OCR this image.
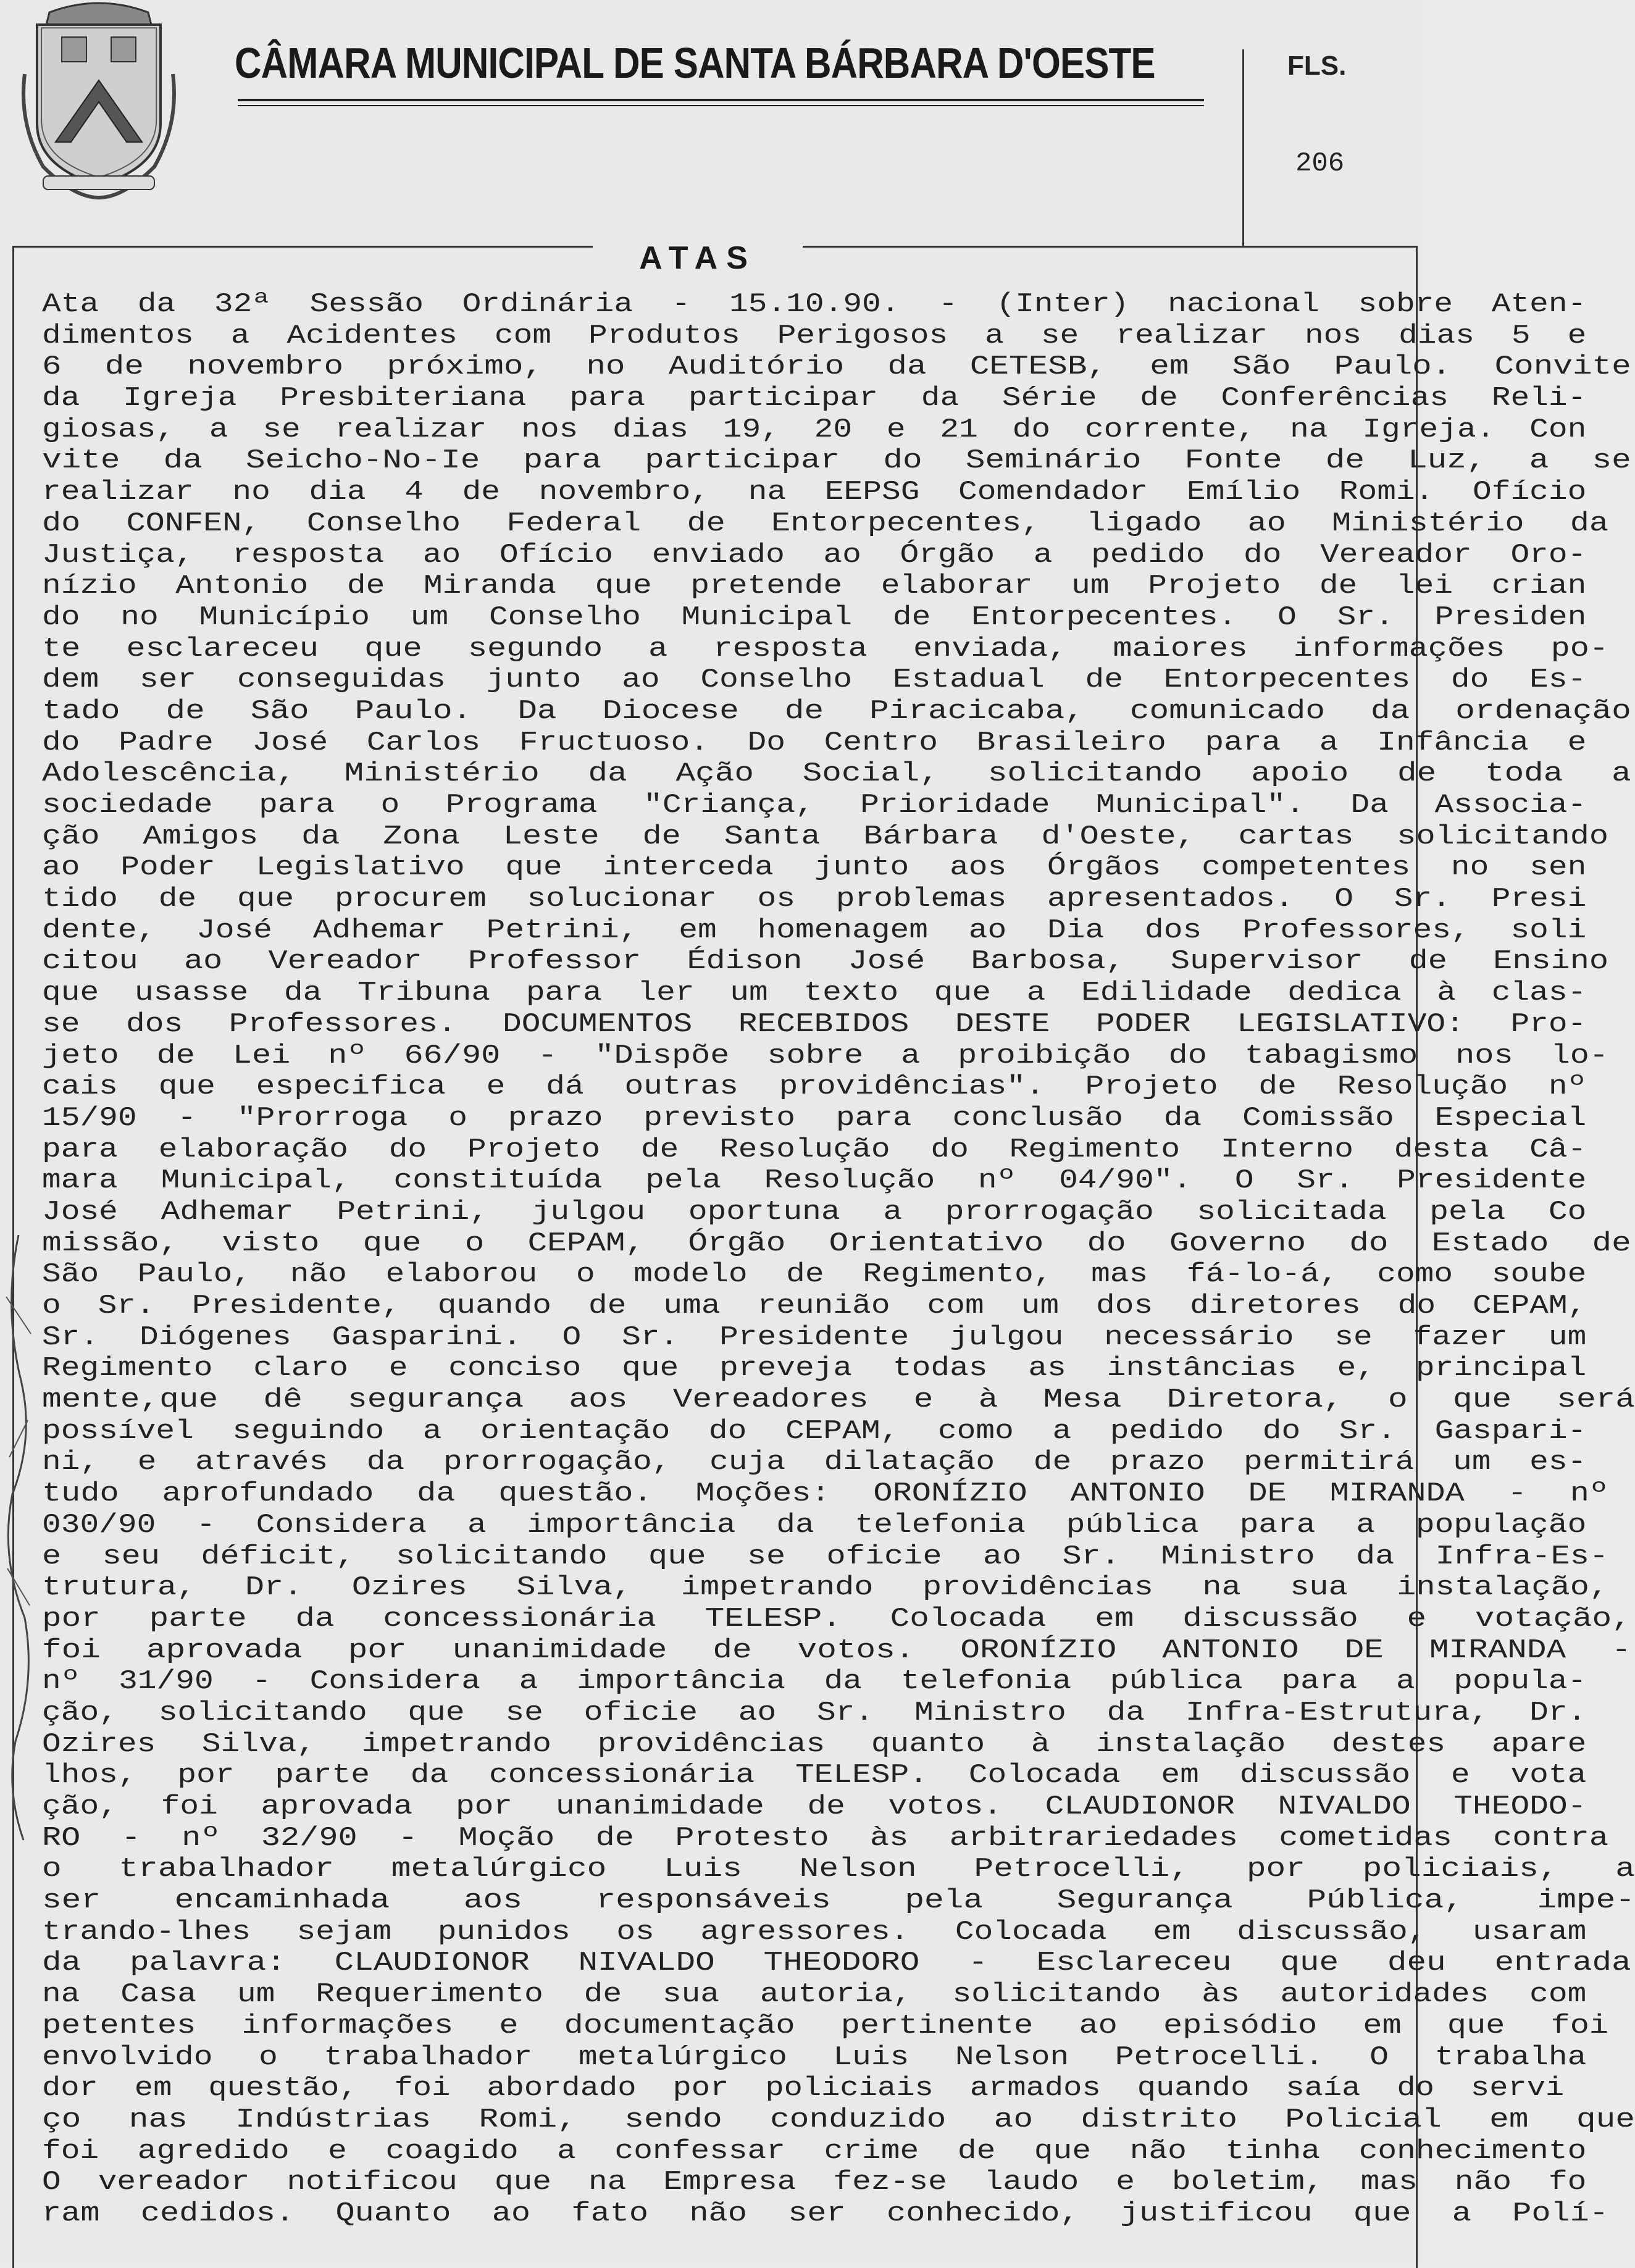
CÂMARA MUNICIPAL DE SANTA BÁRBARA D'OESTE	FLS.
206
ATAS
Ata da 32ª Sessão Ordinária - 15.10.90. - (Inter) nacional sobre Aten-
dimentos a Acidentes com Produtos Perigosos a se realizar nos dias 5 e
6 de novembro próximo, no Auditório da CETESB, em São Paulo. Convite
da Igreja Presbiteriana para participar da Série de Conferências Reli-
giosas, a se realizar nos dias 19, 20 e 21 do corrente, na Igreja. Con
vite da Seicho-No-Ie para participar do Seminário Fonte de Luz, a se
realizar no dia 4 de novembro, na EEPSG Comendador Emílio Romi. Ofício
do CONFEN, Conselho Federal de Entorpecentes, ligado ao Ministério da
Justiça, resposta ao Ofício enviado ao Órgão a pedido do Vereador Oro-
nízio Antonio de Miranda que pretende elaborar um Projeto de lei crian
do no Município um Conselho Municipal de Entorpecentes. O Sr. Presiden
te esclareceu que segundo a resposta enviada, maiores informações po-
dem ser conseguidas junto ao Conselho Estadual de Entorpecentes do Es-
tado de São Paulo. Da Diocese de Piracicaba, comunicado da ordenação
do Padre José Carlos Fructuoso. Do Centro Brasileiro para a Infância e
Adolescência, Ministério da Ação Social, solicitando apoio de toda a
sociedade para o Programa "Criança, Prioridade Municipal". Da Associa-
ção Amigos da Zona Leste de Santa Bárbara d'Oeste, cartas solicitando
ao Poder Legislativo que interceda junto aos Órgãos competentes no sen
tido de que procurem solucionar os problemas apresentados. O Sr. Presi
dente, José Adhemar Petrini, em homenagem ao Dia dos Professores, soli
citou ao Vereador Professor Édison José Barbosa, Supervisor de Ensino
que usasse da Tribuna para ler um texto que a Edilidade dedica à clas-
se dos Professores. DOCUMENTOS RECEBIDOS DESTE PODER LEGISLATIVO: Pro-
jeto de Lei nº 66/90 - "Dispõe sobre a proibição do tabagismo nos lo-
cais que especifica e dá outras providências". Projeto de Resolução nº
15/90 - "Prorroga o prazo previsto para conclusão da Comissão Especial
para elaboração do Projeto de Resolução do Regimento Interno desta Câ-
mara Municipal, constituída pela Resolução nº 04/90". O Sr. Presidente
José Adhemar Petrini, julgou oportuna a prorrogação solicitada pela Co
missão, visto que o CEPAM, Órgão Orientativo do Governo do Estado de
São Paulo, não elaborou o modelo de Regimento, mas fá-lo-á, como soube
o Sr. Presidente, quando de uma reunião com um dos diretores do CEPAM,
Sr. Diógenes Gasparini. O Sr. Presidente julgou necessário se fazer um
Regimento claro e conciso que preveja todas as instâncias e, principal
mente,que dê segurança aos Vereadores e à Mesa Diretora, o que será
possível seguindo a orientação do CEPAM, como a pedido do Sr. Gaspari-
ni, e através da prorrogação, cuja dilatação de prazo permitirá um es-
tudo aprofundado da questão. Moções: ORONÍZIO ANTONIO DE MIRANDA - nº
030/90 - Considera a importância da telefonia pública para a população
e seu déficit, solicitando que se oficie ao Sr. Ministro da Infra-Es-
trutura, Dr. Ozires Silva, impetrando providências na sua instalação,
por parte da concessionária TELESP. Colocada em discussão e votação,
foi aprovada por unanimidade de votos. ORONÍZIO ANTONIO DE MIRANDA -
nº 31/90 - Considera a importância da telefonia pública para a popula-
ção, solicitando que se oficie ao Sr. Ministro da Infra-Estrutura, Dr.
Ozires Silva, impetrando providências quanto à instalação destes apare
lhos, por parte da concessionária TELESP. Colocada em discussão e vota
ção, foi aprovada por unanimidade de votos. CLAUDIONOR NIVALDO THEODO-
RO - nº 32/90 - Moção de Protesto às arbitrariedades cometidas contra
o trabalhador metalúrgico Luis Nelson Petrocelli, por policiais, a
ser encaminhada aos responsáveis pela Segurança Pública, impe-
trando-lhes sejam punidos os agressores. Colocada em discussão, usaram
da palavra: CLAUDIONOR NIVALDO THEODORO - Esclareceu que deu entrada
na Casa um Requerimento de sua autoria, solicitando às autoridades com
petentes informações e documentação pertinente ao episódio em que foi
envolvido o trabalhador metalúrgico Luis Nelson Petrocelli. O trabalha
dor em questão, foi abordado por policiais armados quando saía do servi
ço nas Indústrias Romi, sendo conduzido ao distrito Policial em que
foi agredido e coagido a confessar crime de que não tinha conhecimento
O vereador notificou que na Empresa fez-se laudo e boletim, mas não fo
ram cedidos. Quanto ao fato não ser conhecido, justificou que a Polí-
